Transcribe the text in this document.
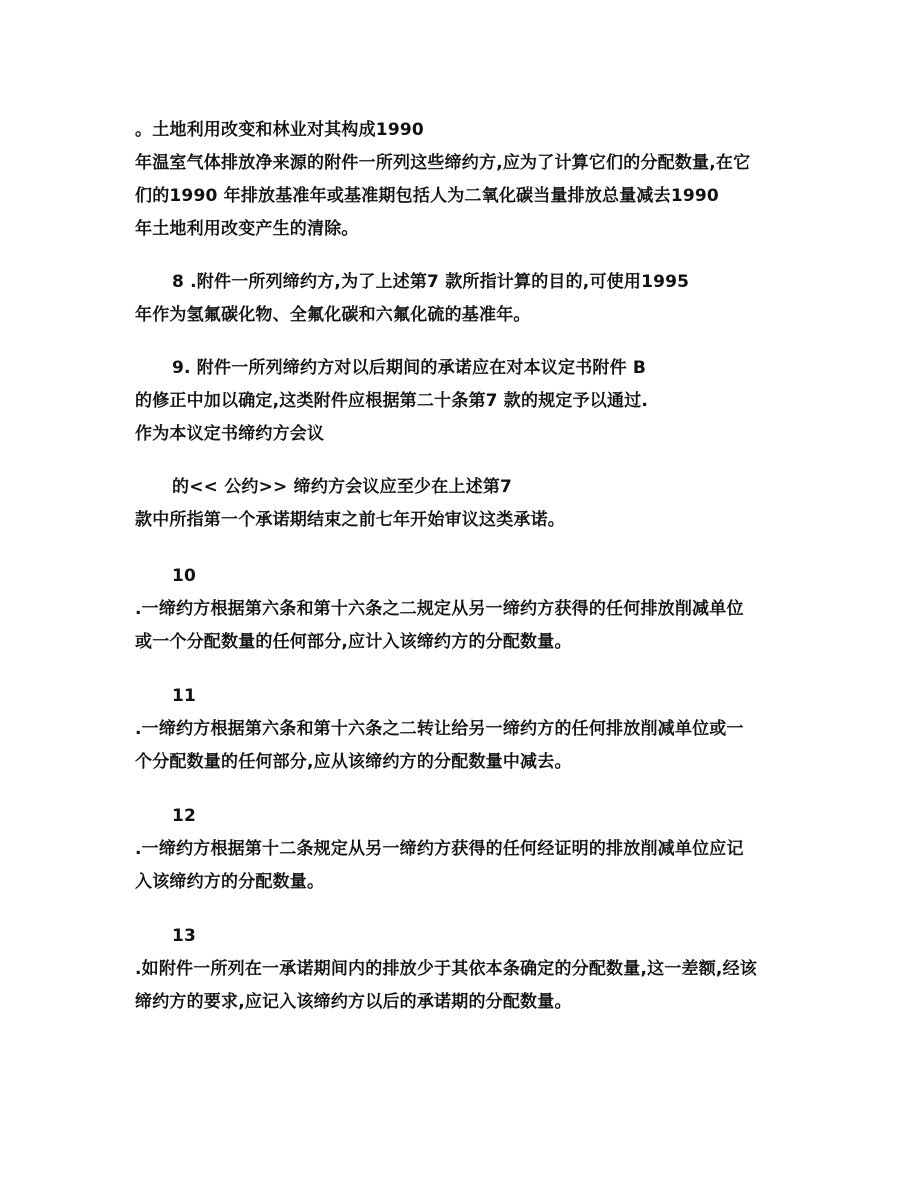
。土地利用改变和林业对其构成1990
年温室气体排放净来源的附件一所列这些缔约方,应为了计算它们的分配数量,在它
们的1990 年排放基准年或基准期包括人为二氧化碳当量排放总量减去1990
年土地利用改变产生的清除。
8 .附件一所列缔约方,为了上述第7 款所指计算的目的,可使用1995
年作为氢氟碳化物、全氟化碳和六氟化硫的基准年。
9. 附件一所列缔约方对以后期间的承诺应在对本议定书附件 B
的修正中加以确定,这类附件应根据第二十条第7 款的规定予以通过.
作为本议定书缔约方会议
的<< 公约>> 缔约方会议应至少在上述第7
款中所指第一个承诺期结束之前七年开始审议这类承诺。
10
.一缔约方根据第六条和第十六条之二规定从另一缔约方获得的任何排放削减单位
或一个分配数量的任何部分,应计入该缔约方的分配数量。
11
.一缔约方根据第六条和第十六条之二转让给另一缔约方的任何排放削减单位或一
个分配数量的任何部分,应从该缔约方的分配数量中减去。
12
.一缔约方根据第十二条规定从另一缔约方获得的任何经证明的排放削减单位应记
入该缔约方的分配数量。
13
.如附件一所列在一承诺期间内的排放少于其依本条确定的分配数量,这一差额,经该
缔约方的要求,应记入该缔约方以后的承诺期的分配数量。
